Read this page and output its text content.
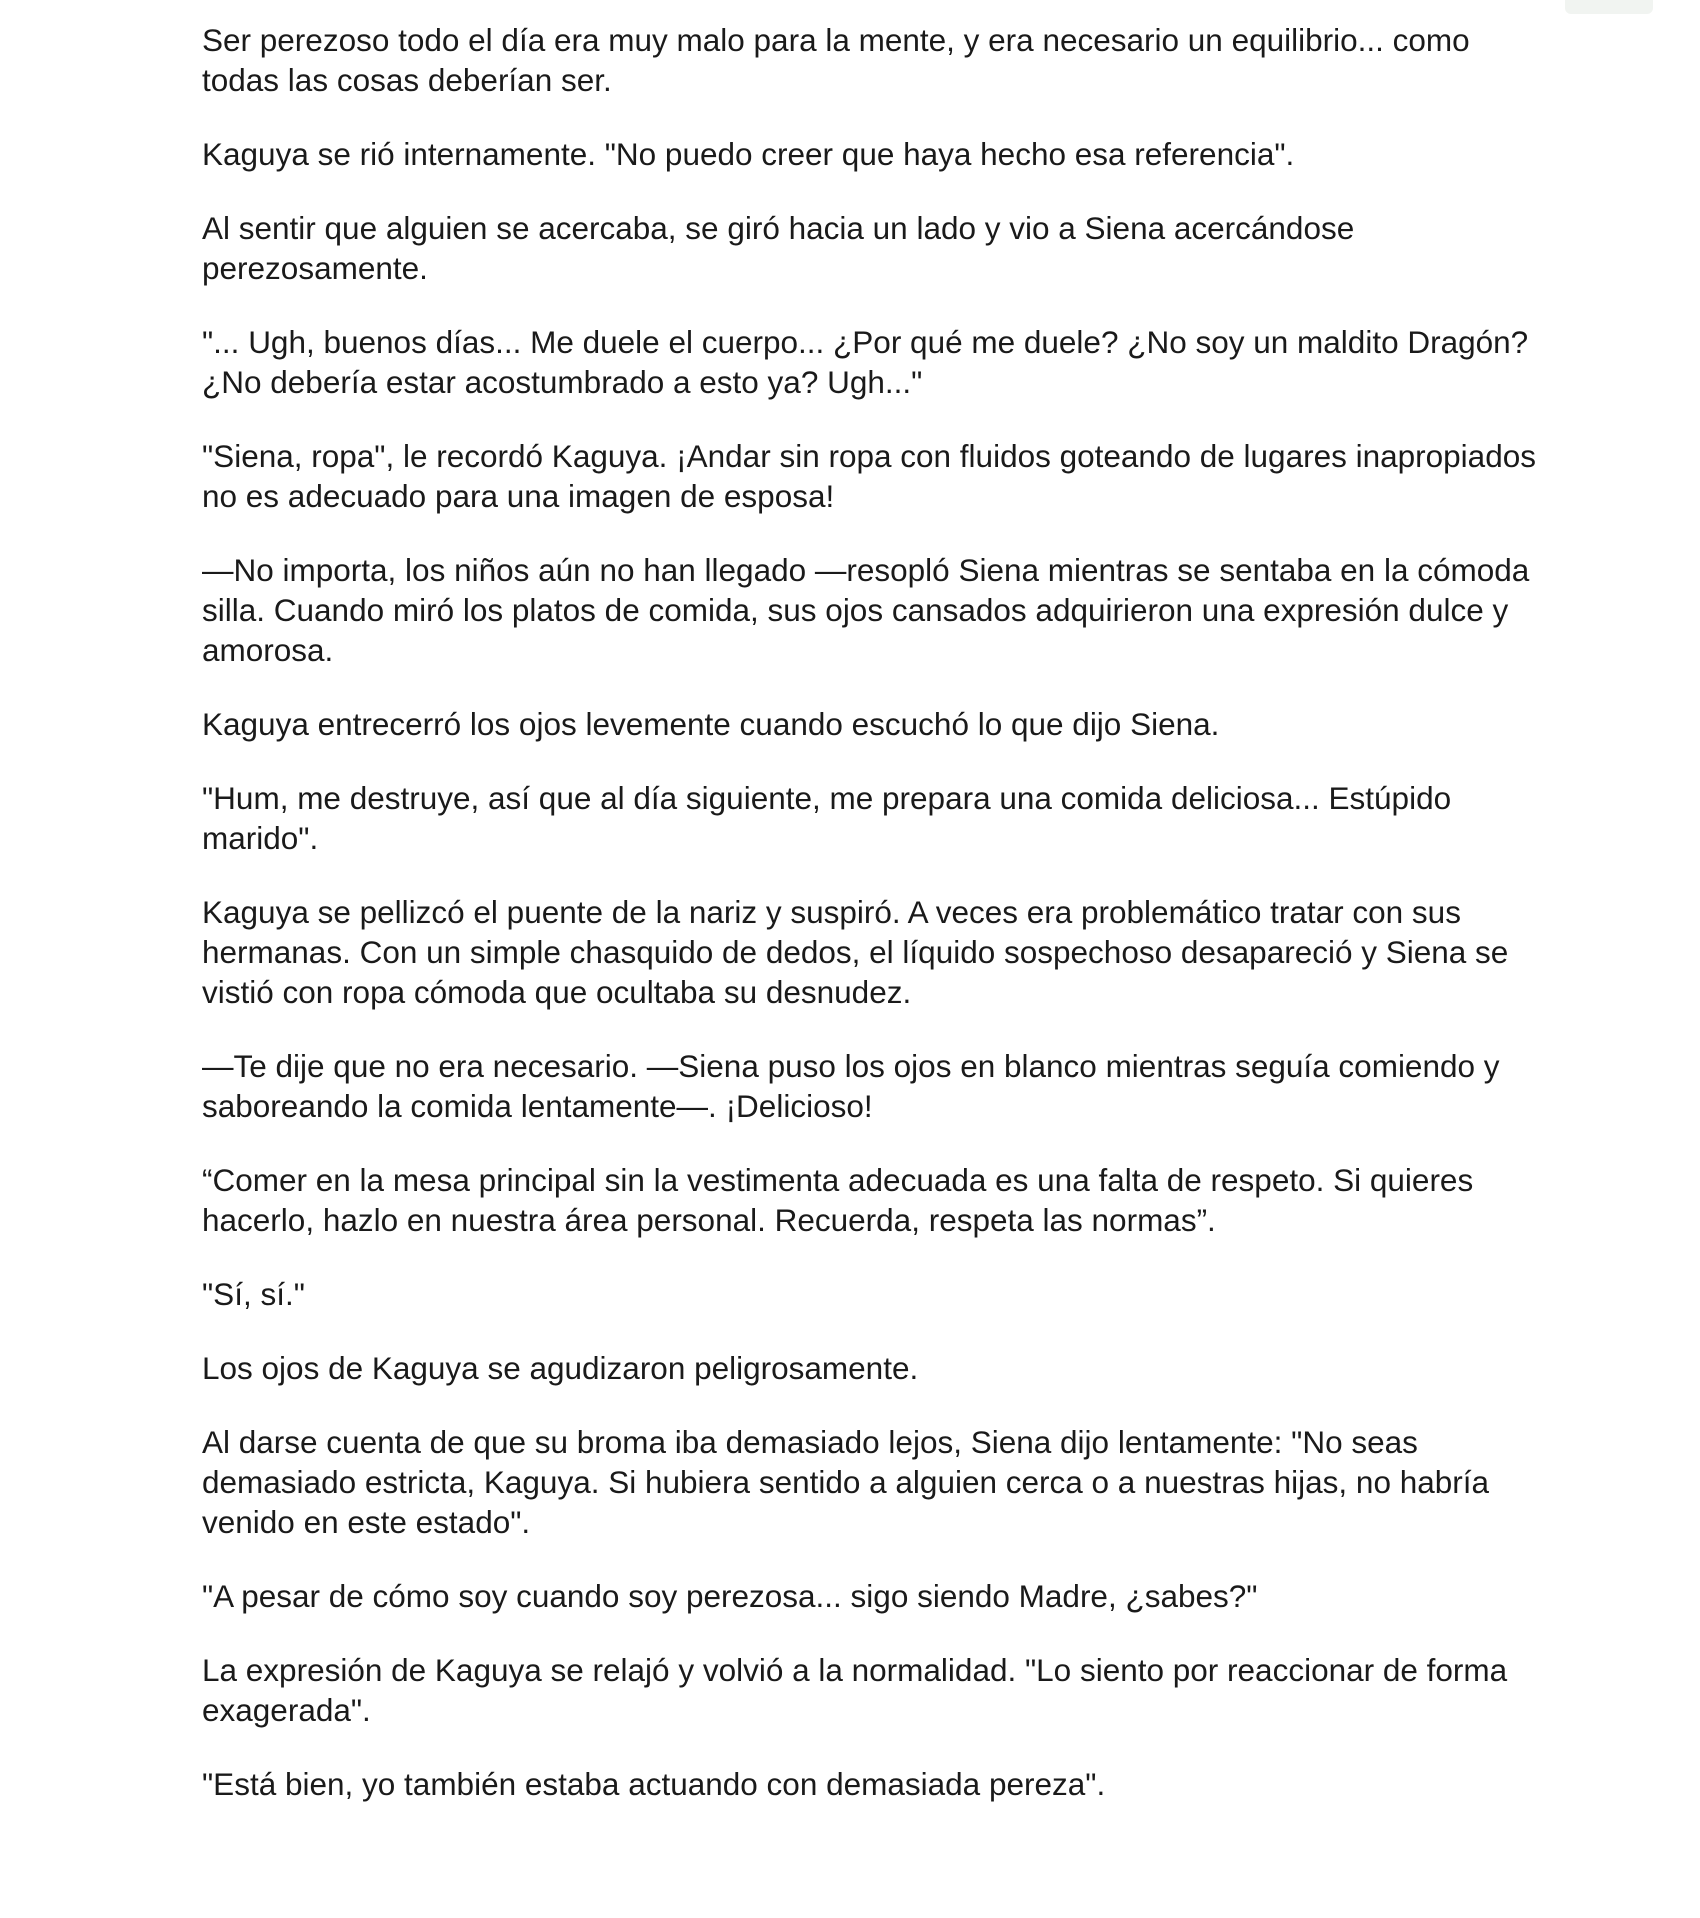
Ser perezoso todo el día era muy malo para la mente, y era necesario un equilibrio... como todas las cosas deberían ser.

Kaguya se rió internamente. "No puedo creer que haya hecho esa referencia".

Al sentir que alguien se acercaba, se giró hacia un lado y vio a Siena acercándose perezosamente.

"... Ugh, buenos días... Me duele el cuerpo... ¿Por qué me duele? ¿No soy un maldito Dragón? ¿No debería estar acostumbrado a esto ya? Ugh..."

"Siena, ropa", le recordó Kaguya. ¡Andar sin ropa con fluidos goteando de lugares inapropiados no es adecuado para una imagen de esposa!

—No importa, los niños aún no han llegado —resopló Siena mientras se sentaba en la cómoda silla. Cuando miró los platos de comida, sus ojos cansados adquirieron una expresión dulce y amorosa.

Kaguya entrecerró los ojos levemente cuando escuchó lo que dijo Siena.

"Hum, me destruye, así que al día siguiente, me prepara una comida deliciosa... Estúpido marido".

Kaguya se pellizcó el puente de la nariz y suspiró. A veces era problemático tratar con sus hermanas. Con un simple chasquido de dedos, el líquido sospechoso desapareció y Siena se vistió con ropa cómoda que ocultaba su desnudez.

—Te dije que no era necesario. —Siena puso los ojos en blanco mientras seguía comiendo y saboreando la comida lentamente—. ¡Delicioso!

“Comer en la mesa principal sin la vestimenta adecuada es una falta de respeto. Si quieres hacerlo, hazlo en nuestra área personal. Recuerda, respeta las normas”.

"Sí, sí."

Los ojos de Kaguya se agudizaron peligrosamente.

Al darse cuenta de que su broma iba demasiado lejos, Siena dijo lentamente: "No seas demasiado estricta, Kaguya. Si hubiera sentido a alguien cerca o a nuestras hijas, no habría venido en este estado".

"A pesar de cómo soy cuando soy perezosa... sigo siendo Madre, ¿sabes?"

La expresión de Kaguya se relajó y volvió a la normalidad. "Lo siento por reaccionar de forma exagerada".

"Está bien, yo también estaba actuando con demasiada pereza".
